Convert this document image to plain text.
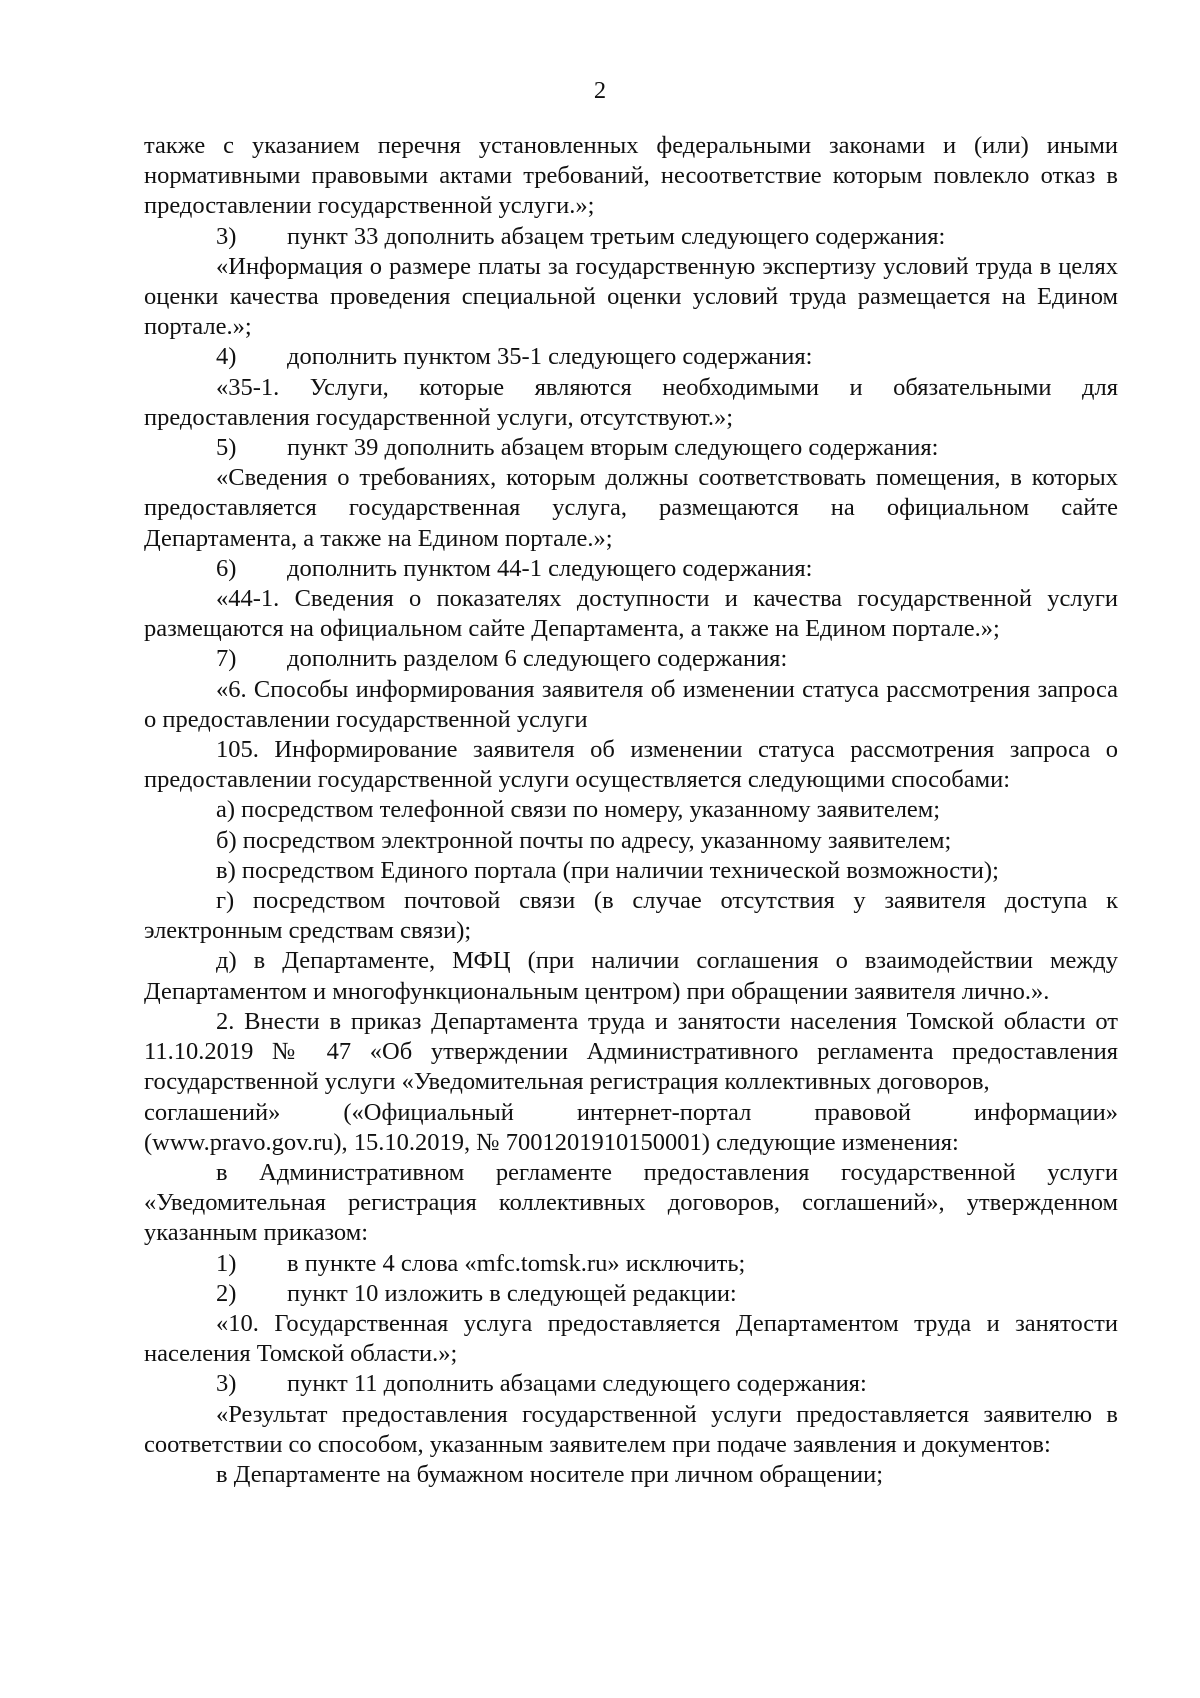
2

также с указанием перечня установленных федеральными законами и (или) иными нормативными правовыми актами требований, несоответствие которым повлекло отказ в предоставлении государственной услуги.»;

3) пункт 33 дополнить абзацем третьим следующего содержания:

«Информация о размере платы за государственную экспертизу условий труда в целях оценки качества проведения специальной оценки условий труда размещается на Едином портале.»;

4) дополнить пунктом 35-1 следующего содержания:

«35-1. Услуги, которые являются необходимыми и обязательными для предоставления государственной услуги, отсутствуют.»;

5) пункт 39 дополнить абзацем вторым следующего содержания:

«Сведения о требованиях, которым должны соответствовать помещения, в которых предоставляется государственная услуга, размещаются на официальном сайте Департамента, а также на Едином портале.»;

6) дополнить пунктом 44-1 следующего содержания:

«44-1. Сведения о показателях доступности и качества государственной услуги размещаются на официальном сайте Департамента, а также на Едином портале.»;

7) дополнить разделом 6 следующего содержания:

«6. Способы информирования заявителя об изменении статуса рассмотрения запроса о предоставлении государственной услуги

105. Информирование заявителя об изменении статуса рассмотрения запроса о предоставлении государственной услуги осуществляется следующими способами:

а) посредством телефонной связи по номеру, указанному заявителем;

б) посредством электронной почты по адресу, указанному заявителем;

в) посредством Единого портала (при наличии технической возможности);

г) посредством почтовой связи (в случае отсутствия у заявителя доступа к электронным средствам связи);

д) в Департаменте, МФЦ (при наличии соглашения о взаимодействии между Департаментом и многофункциональным центром) при обращении заявителя лично.».

2. Внести в приказ Департамента труда и занятости населения Томской области от 11.10.2019 № 47 «Об утверждении Административного регламента предоставления государственной услуги «Уведомительная регистрация коллективных договоров,

соглашений» («Официальный интернет-портал правовой информации»

(www.pravo.gov.ru), 15.10.2019, № 7001201910150001) следующие изменения:

в Административном регламенте предоставления государственной услуги «Уведомительная регистрация коллективных договоров, соглашений», утвержденном указанным приказом:

1) в пункте 4 слова «mfc.tomsk.ru» исключить;

2) пункт 10 изложить в следующей редакции:

«10. Государственная услуга предоставляется Департаментом труда и занятости населения Томской области.»;

3) пункт 11 дополнить абзацами следующего содержания:

«Результат предоставления государственной услуги предоставляется заявителю в соответствии со способом, указанным заявителем при подаче заявления и документов:

в Департаменте на бумажном носителе при личном обращении;
